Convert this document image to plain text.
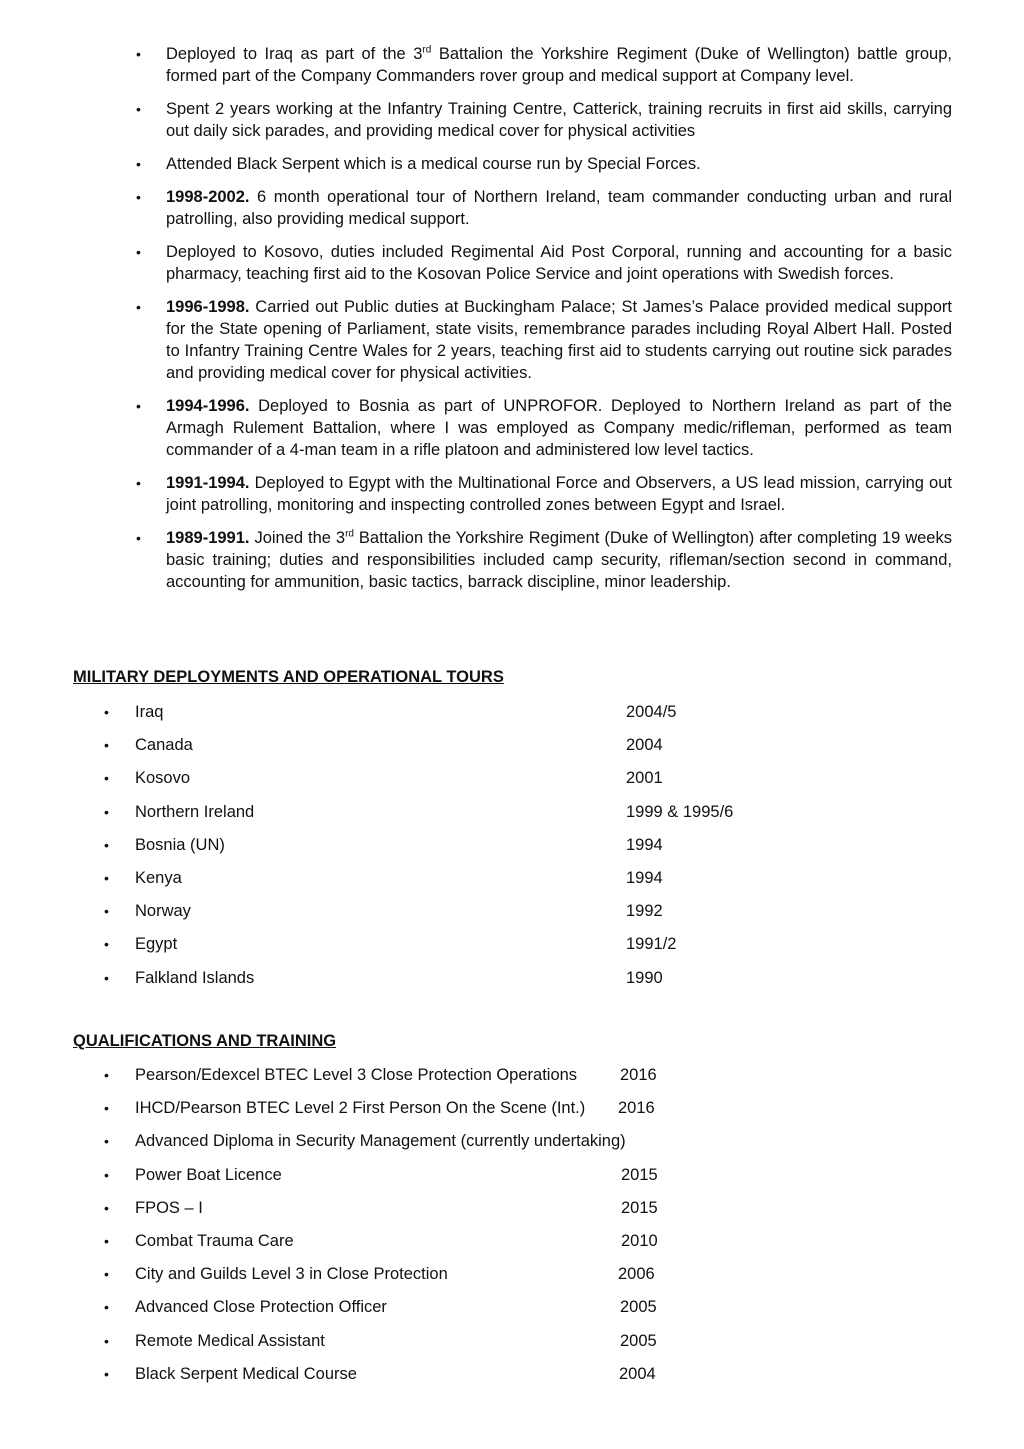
• Deployed to Iraq as part of the 3rd Battalion the Yorkshire Regiment (Duke of Wellington) battle group, formed part of the Company Commanders rover group and medical support at Company level.
• Spent 2 years working at the Infantry Training Centre, Catterick, training recruits in first aid skills, carrying out daily sick parades, and providing medical cover for physical activities
• Attended Black Serpent which is a medical course run by Special Forces.
• 1998-2002. 6 month operational tour of Northern Ireland, team commander conducting urban and rural patrolling, also providing medical support.
• Deployed to Kosovo, duties included Regimental Aid Post Corporal, running and accounting for a basic pharmacy, teaching first aid to the Kosovan Police Service and joint operations with Swedish forces.
• 1996-1998. Carried out Public duties at Buckingham Palace; St James’s Palace provided medical support for the State opening of Parliament, state visits, remembrance parades including Royal Albert Hall. Posted to Infantry Training Centre Wales for 2 years, teaching first aid to students carrying out routine sick parades and providing medical cover for physical activities.
• 1994-1996. Deployed to Bosnia as part of UNPROFOR. Deployed to Northern Ireland as part of the Armagh Rulement Battalion, where I was employed as Company medic/rifleman, performed as team commander of a 4-man team in a rifle platoon and administered low level tactics.
• 1991-1994. Deployed to Egypt with the Multinational Force and Observers, a US lead mission, carrying out joint patrolling, monitoring and inspecting controlled zones between Egypt and Israel.
• 1989-1991. Joined the 3rd Battalion the Yorkshire Regiment (Duke of Wellington) after completing 19 weeks basic training; duties and responsibilities included camp security, rifleman/section second in command, accounting for ammunition, basic tactics, barrack discipline, minor leadership.
MILITARY DEPLOYMENTS AND OPERATIONAL TOURS
• Iraq	2004/5
• Canada	2004
• Kosovo	2001
• Northern Ireland	1999 & 1995/6
• Bosnia (UN)	1994
• Kenya	1994
• Norway	1992
• Egypt	1991/2
• Falkland Islands	1990
QUALIFICATIONS AND TRAINING
• Pearson/Edexcel BTEC Level 3 Close Protection Operations	2016
• IHCD/Pearson BTEC Level 2 First Person On the Scene (Int.) 2016
• Advanced Diploma in Security Management (currently undertaking)
• Power Boat Licence	2015
• FPOS – I	2015
• Combat Trauma Care	2010
• City and Guilds Level 3 in Close Protection	2006
• Advanced Close Protection Officer	2005
• Remote Medical Assistant	2005
• Black Serpent Medical Course	2004
